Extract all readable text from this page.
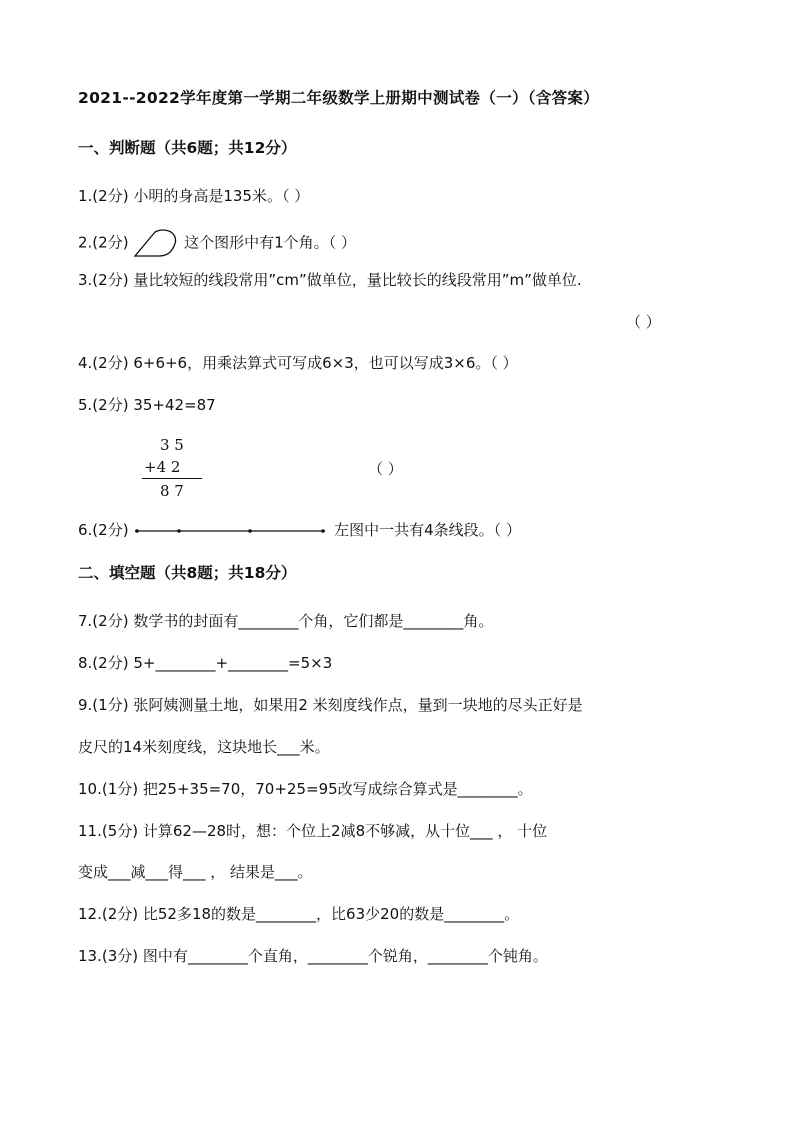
2021--2022学年度第一学期二年级数学上册期中测试卷（一）（含答案）
一、判断题（共6题；共12分）
1.(2分) 小明的身高是135米。（ ）
2.(2分)	这个图形中有1个角。（ ）
3.(2分) 量比较短的线段常用”cm”做单位，量比较长的线段常用”m”做单位.
（ ）
4.(2分) 6+6+6，用乘法算式可写成6×3，也可以写成3×6。（ ）
5.(2分) 35+42=87
3 5
+4 2
8 7
（ ）
6.(2分)	左图中一共有4条线段。（ ）
二、填空题（共8题；共18分）
7.(2分) 数学书的封面有________个角，它们都是________角。
8.(2分) 5+________+________=5×3
9.(1分) 张阿姨测量土地，如果用2 米刻度线作点，量到一块地的尽头正好是
皮尺的14米刻度线，这块地长___米。
10.(1分) 把25+35=70，70+25=95改写成综合算式是________。
11.(5分) 计算62—28时，想：个位上2减8不够减，从十位___ ， 十位
变成___减___得___ ， 结果是___。
12.(2分) 比52多18的数是________，比63少20的数是________。
13.(3分) 图中有________个直角，________个锐角，________个钝角。
